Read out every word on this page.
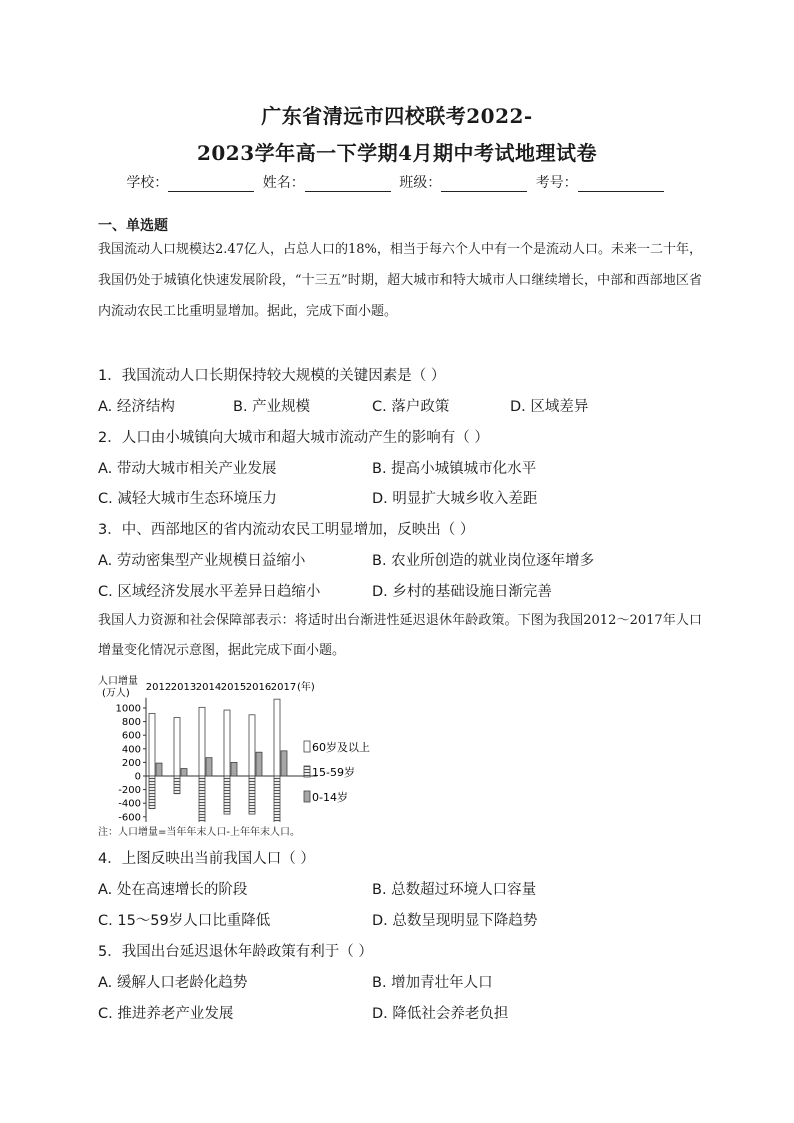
广东省清远市四校联考2022-
2023学年高一下学期4月期中考试地理试卷
学校：	姓名：	班级：	考号：
一、单选题
我国流动人口规模达2.47亿人，占总人口的18%，相当于每六个人中有一个是流动人口。未来一二十年，我国仍处于城镇化快速发展阶段，“十三五”时期，超大城市和特大城市人口继续增长，中部和西部地区省内流动农民工比重明显增加。据此，完成下面小题。
1．我国流动人口长期保持较大规模的关键因素是（ ）
A. 经济结构	B. 产业规模	C. 落户政策	D. 区域差异
2．人口由小城镇向大城市和超大城市流动产生的影响有（ ）
A. 带动大城市相关产业发展	B. 提高小城镇城市化水平
C. 减轻大城市生态环境压力	D. 明显扩大城乡收入差距
3．中、西部地区的省内流动农民工明显增加，反映出（ ）
A. 劳动密集型产业规模日益缩小	B. 农业所创造的就业岗位逐年增多
C. 区域经济发展水平差异日趋缩小	D. 乡村的基础设施日渐完善
我国人力资源和社会保障部表示：将适时出台渐进性延迟退休年龄政策。下图为我国2012～2017年人口增量变化情况示意图，据此完成下面小题。
人口增量
(万人)
(年)
1000
800
600
400
200
0
-200
-400
-600
2012 2013 2014 2015 2016 2017
60岁及以上
15-59岁
0-14岁
注：人口增量=当年年末人口-上年年末人口。
4．上图反映出当前我国人口（ ）
A. 处在高速增长的阶段	B. 总数超过环境人口容量
C. 15～59岁人口比重降低	D. 总数呈现明显下降趋势
5．我国出台延迟退休年龄政策有利于（ ）
A. 缓解人口老龄化趋势	B. 增加青壮年人口
C. 推进养老产业发展	D. 降低社会养老负担
